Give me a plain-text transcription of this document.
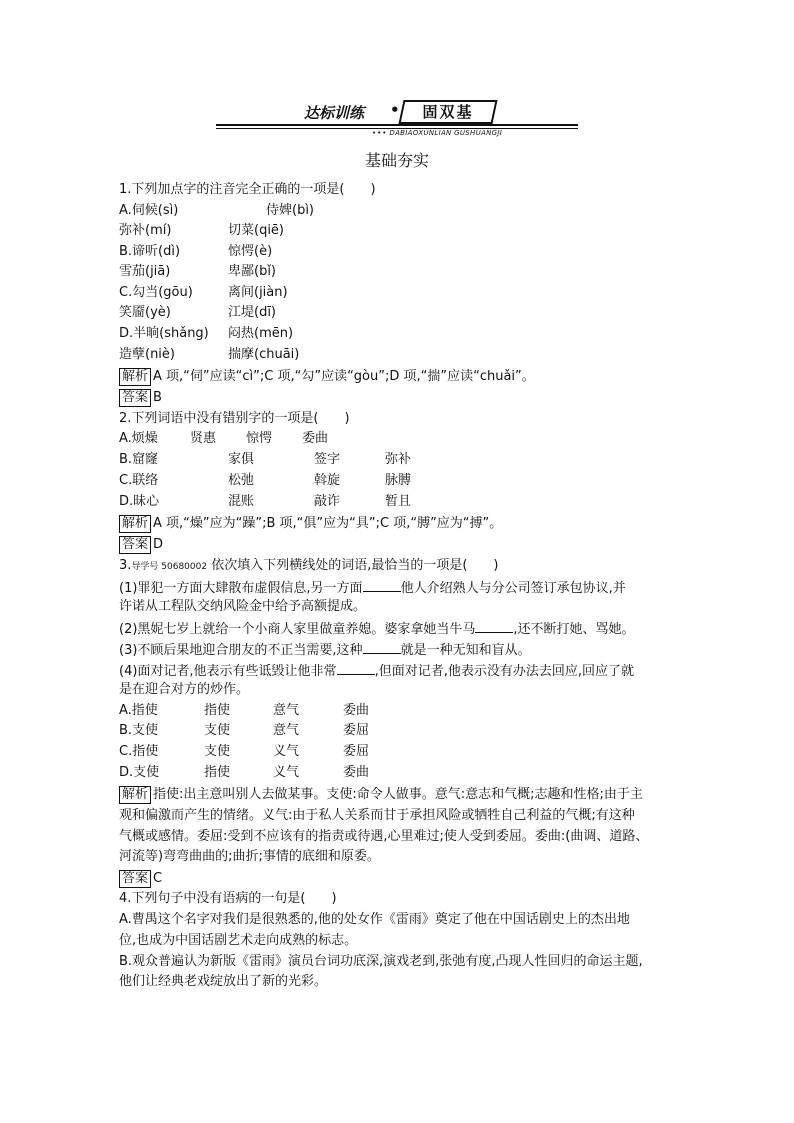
达标训练 •	固双基
••• DABIAOXUNLIAN GUSHUANGJI
基础夯实
1.下列加点字的注音完全正确的一项是(　　)
A.伺候(sì)	侍婢(bì)
弥补(mí)	切菜(qiē)
B.谛听(dì)	惊愕(è)
雪茄(jiā)	卑鄙(bǐ)
C.勾当(gōu)	离间(jiàn)
笑靥(yè)	江堤(dī)
D.半晌(shǎng) 闷热(mēn)
造孽(niè)	揣摩(chuāi)
解析 A 项,“伺”应读“cì”;C 项,“勾”应读“gòu”;D 项,“揣”应读“chuǎi”。
答案 B
2.下列词语中没有错别字的一项是(　　)
A.烦燥 贤惠 惊愕 委曲
B.窟窿	家俱	签字	弥补
C.联络	松弛	斡旋	脉膊
D.昧心	混账	敲诈	暂且
解析 A 项,“燥”应为“躁”;B 项,“俱”应为“具”;C 项,“膊”应为“搏”。
答案 D
3.导学号 50680002 依次填入下列横线处的词语,最恰当的一项是(　　)
(1)罪犯一方面大肆散布虚假信息,另一方面	他人介绍熟人与分公司签订承包协议,并
许诺从工程队交纳风险金中给予高额提成。
(2)黑妮七岁上就给一个小商人家里做童养媳。婆家拿她当牛马	,还不断打她、骂她。
(3)不顾后果地迎合朋友的不正当需要,这种	就是一种无知和盲从。
(4)面对记者,他表示有些诋毁让他非常	,但面对记者,他表示没有办法去回应,回应了就
是在迎合对方的炒作。
A.指使	指使	意气	委曲
B.支使	支使	意气	委屈
C.指使	支使	义气	委屈
D.支使	指使	义气	委曲
解析 指使:出主意叫别人去做某事。支使:命令人做事。意气:意志和气概;志趣和性格;由于主
观和偏激而产生的情绪。义气:由于私人关系而甘于承担风险或牺牲自己利益的气概;有这种
气概或感情。委屈:受到不应该有的指责或待遇,心里难过;使人受到委屈。委曲:(曲调、道路、
河流等)弯弯曲曲的;曲折;事情的底细和原委。
答案 C
4.下列句子中没有语病的一句是(　　)
A.曹禺这个名字对我们是很熟悉的,他的处女作《雷雨》奠定了他在中国话剧史上的杰出地
位,也成为中国话剧艺术走向成熟的标志。
B.观众普遍认为新版《雷雨》演员台词功底深,演戏老到,张弛有度,凸现人性回归的命运主题,
他们让经典老戏绽放出了新的光彩。
